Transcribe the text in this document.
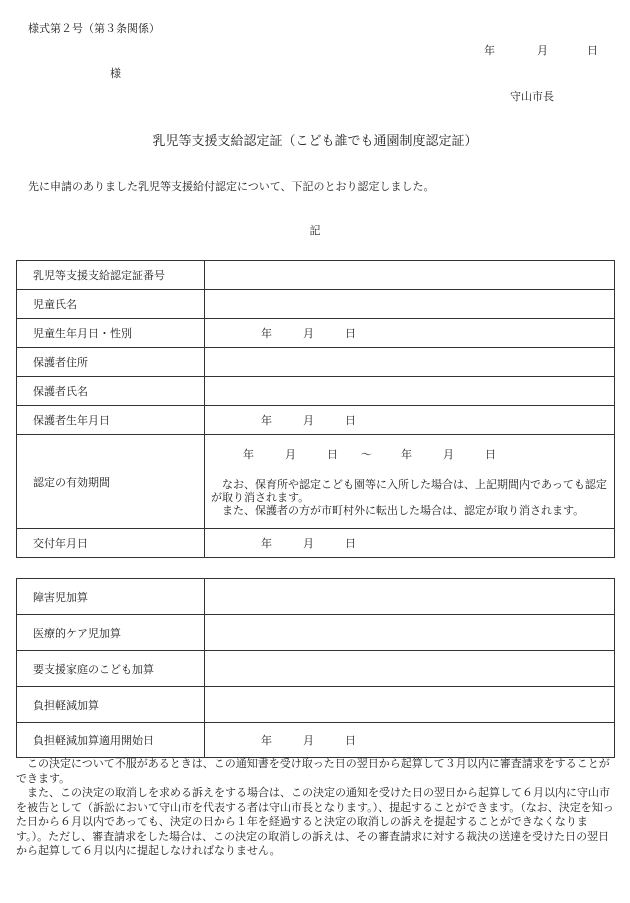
様式第２号（第３条関係）
年	月	日
様
守山市長
乳児等支援支給認定証（こども誰でも通園制度認定証）
先に申請のありました乳児等支援給付認定について、下記のとおり認定しました。
記
乳児等支援支給認定証番号	
児童氏名	
児童生年月日・性別	年 月 日

保護者住所	
保護者氏名	
保護者生年月日	年 月 日

認定の有効期間	年 月 日 ～ 年 月 日
なお、保育所や認定こども園等に入所した場合は、上記期間内であっても認定が取り消されます。
また、保護者の方が市町村外に転出した場合は、認定が取り消されます。

交付年月日	年 月 日
障害児加算	
医療的ケア児加算	
要支援家庭のこども加算	
負担軽減加算	
負担軽減加算適用開始日	年 月 日

この決定について不服があるときは、この通知書を受け取った日の翌日から起算して３月以内に審査請求をすることができます。

また、この決定の取消しを求める訴えをする場合は、この決定の通知を受けた日の翌日から起算して６月以内に守山市を被告として（訴訟において守山市を代表する者は守山市長となります。）、提起することができます。（なお、決定を知った日から６月以内であっても、決定の日から１年を経過すると決定の取消しの訴えを提起することができなくなります。）。ただし、審査請求をした場合は、この決定の取消しの訴えは、その審査請求に対する裁決の送達を受けた日の翌日から起算して６月以内に提起しなければなりません。
